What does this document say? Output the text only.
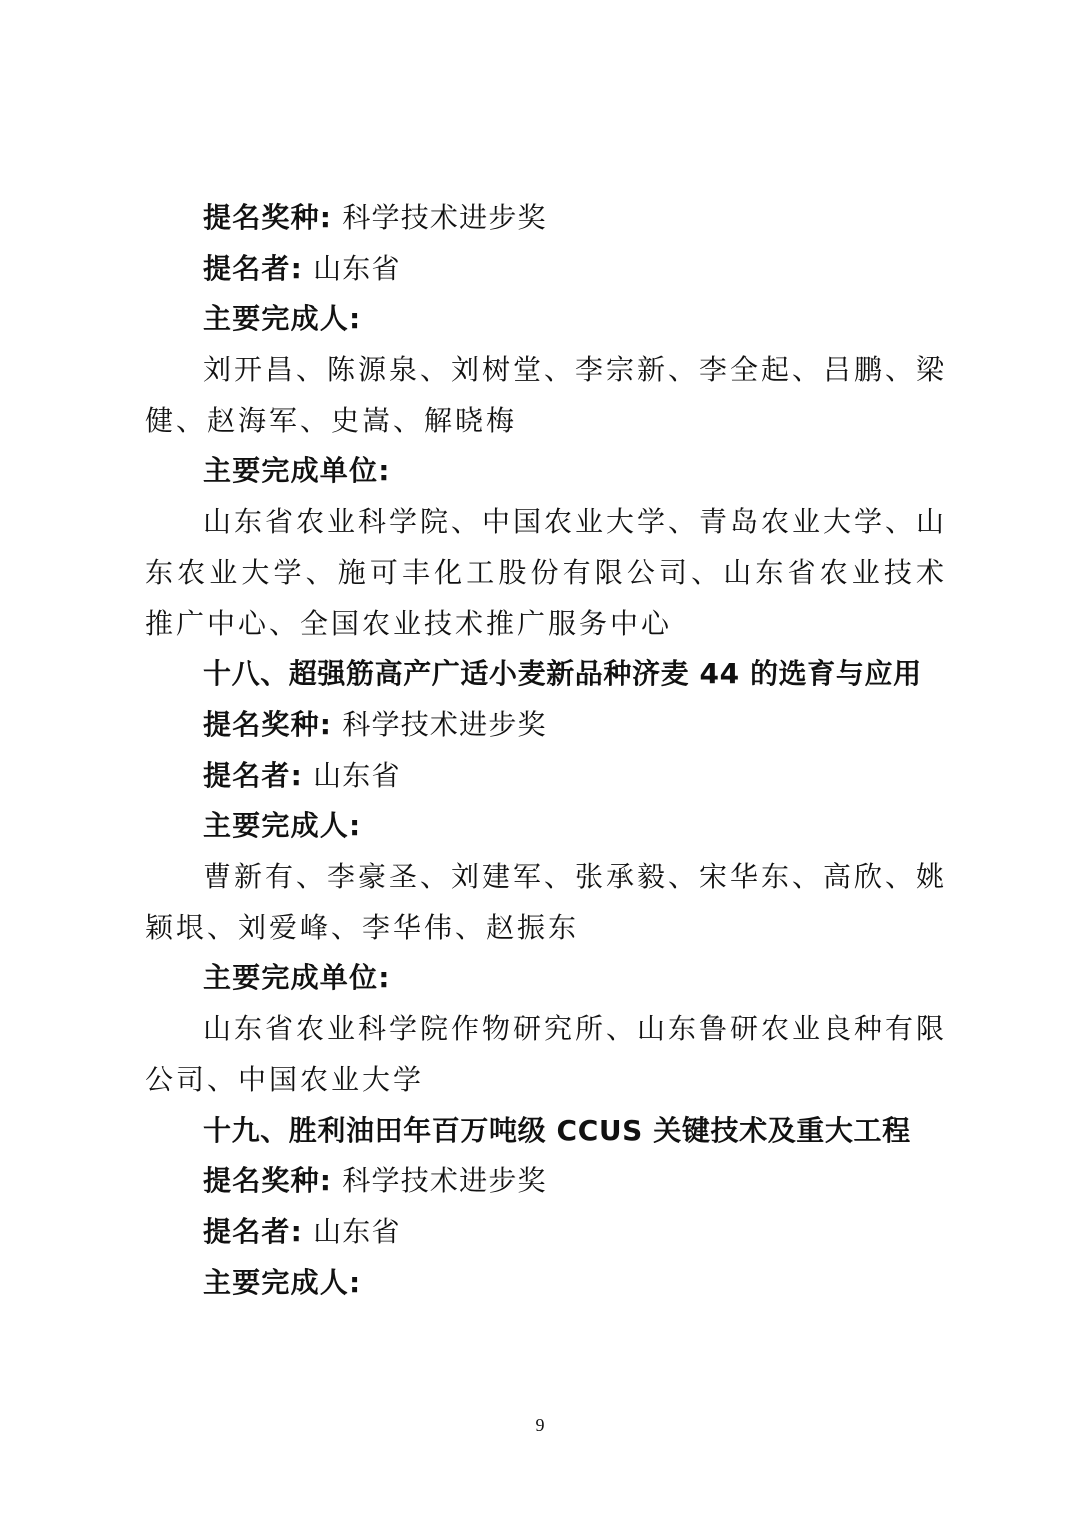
提名奖种: 科学技术进步奖
提名者: 山东省
主要完成人:
刘开昌、陈源泉、刘树堂、李宗新、李全起、吕鹏、梁健、赵海军、史嵩、解晓梅
主要完成单位:
山东省农业科学院、中国农业大学、青岛农业大学、山东农业大学、施可丰化工股份有限公司、山东省农业技术推广中心、全国农业技术推广服务中心
十八、超强筋高产广适小麦新品种济麦 44 的选育与应用
提名奖种: 科学技术进步奖
提名者: 山东省
主要完成人:
曹新有、李豪圣、刘建军、张承毅、宋华东、高欣、姚颖垠、刘爱峰、李华伟、赵振东
主要完成单位:
山东省农业科学院作物研究所、山东鲁研农业良种有限公司、中国农业大学
十九、胜利油田年百万吨级 CCUS 关键技术及重大工程
提名奖种: 科学技术进步奖
提名者: 山东省
主要完成人:
9
